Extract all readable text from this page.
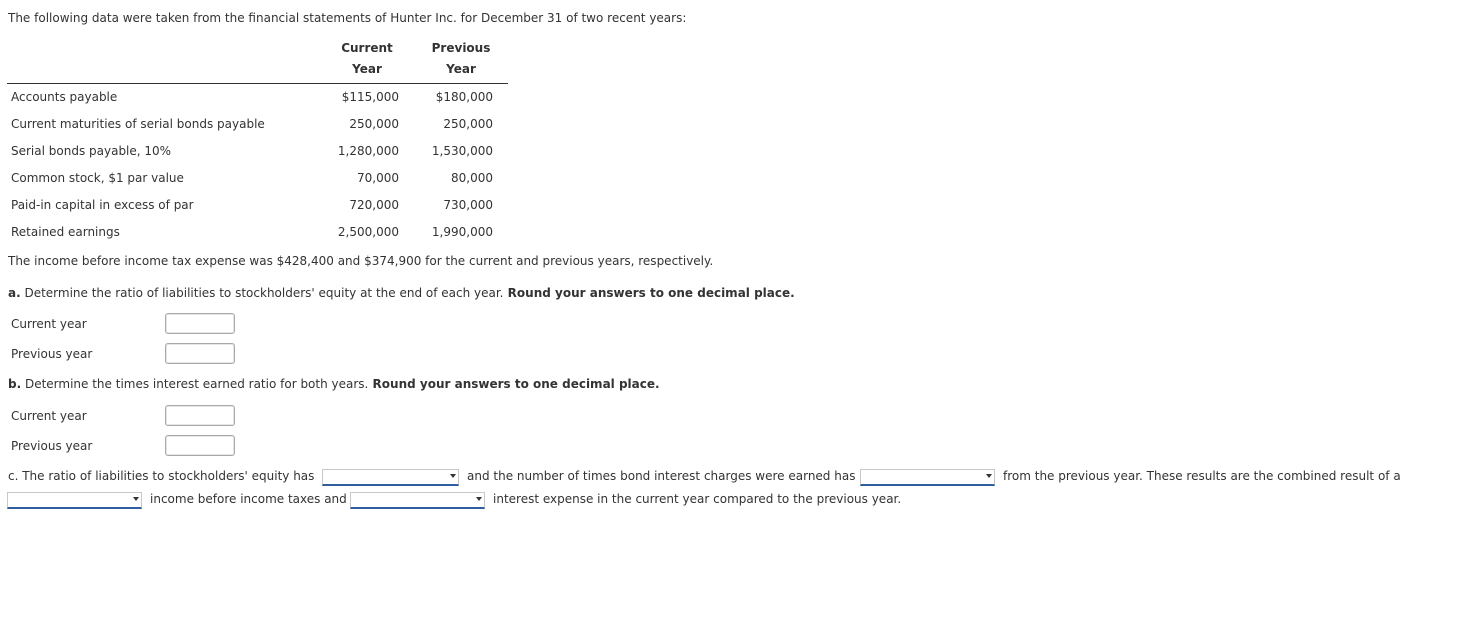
The following data were taken from the financial statements of Hunter Inc. for December 31 of two recent years:
Current
Year
Previous
Year
Accounts payable	$115,000	$180,000
Current maturities of serial bonds payable	250,000	250,000
Serial bonds payable, 10%	1,280,000	1,530,000
Common stock, $1 par value	70,000	80,000
Paid-in capital in excess of par	720,000	730,000
Retained earnings	2,500,000	1,990,000
The income before income tax expense was $428,400 and $374,900 for the current and previous years, respectively.
a. Determine the ratio of liabilities to stockholders' equity at the end of each year. Round your answers to one decimal place.
Current year
Previous year
b. Determine the times interest earned ratio for both years. Round your answers to one decimal place.
Current year
Previous year
c. The ratio of liabilities to stockholders' equity has	and the number of times bond interest charges were earned has	from the previous year. These results are the combined result of a
income before income taxes and	interest expense in the current year compared to the previous year.
